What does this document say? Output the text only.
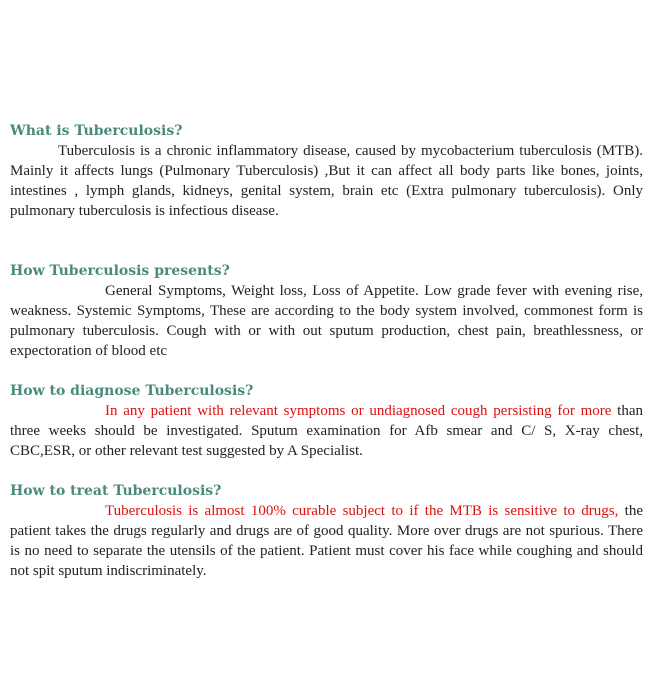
What is Tuberculosis?

Tuberculosis is a chronic inflammatory disease, caused by mycobacterium tuberculosis (MTB). Mainly it affects lungs (Pulmonary Tuberculosis) ,But it can affect all body parts like bones, joints, intestines , lymph glands, kidneys, genital system, brain etc (Extra pulmonary tuberculosis). Only pulmonary tuberculosis is infectious disease.

How Tuberculosis presents?

General Symptoms, Weight loss, Loss of Appetite. Low grade fever with evening rise, weakness. Systemic Symptoms, These are according to the body system involved, commonest form is pulmonary tuberculosis. Cough with or with out sputum production, chest pain, breathlessness, or expectoration of blood etc

How to diagnose Tuberculosis?

In any patient with relevant symptoms or undiagnosed cough persisting for more than three weeks should be investigated. Sputum examination for Afb smear and C/ S, X-ray chest, CBC,ESR, or other relevant test suggested by A Specialist.

How to treat Tuberculosis?

Tuberculosis is almost 100% curable subject to if the MTB is sensitive to drugs, the patient takes the drugs regularly and drugs are of good quality. More over drugs are not spurious. There is no need to separate the utensils of the patient. Patient must cover his face while coughing and should not spit sputum indiscriminately.
